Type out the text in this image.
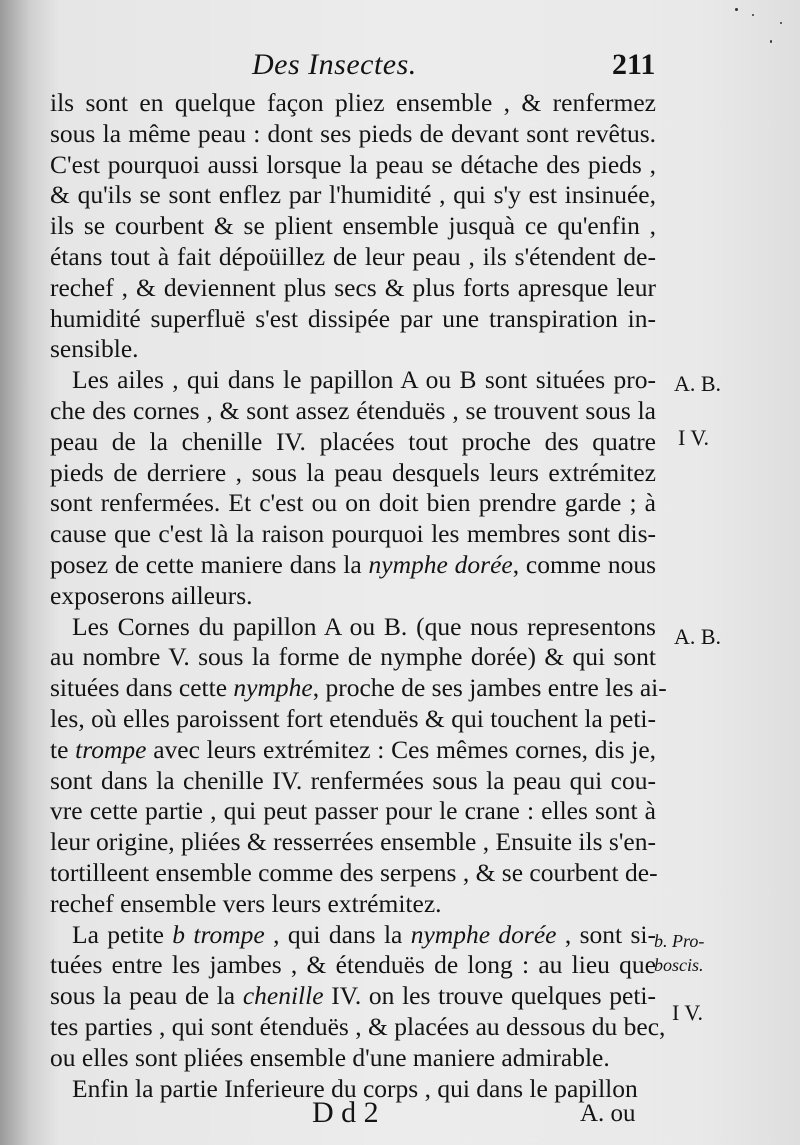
Des Insectes.	211
ils sont en quelque façon pliez ensemble , & renfermez
sous la même peau : dont ses pieds de devant sont revêtus.
C'est pourquoi aussi lorsque la peau se détache des pieds ,
& qu'ils se sont enflez par l'humidité , qui s'y est insinuée,
ils se courbent & se plient ensemble jusquà ce qu'enfin ,
étans tout à fait dépoüillez de leur peau , ils s'étendent de-
rechef , & deviennent plus secs & plus forts apresque leur
humidité superfluë s'est dissipée par une transpiration in-
sensible.
Les ailes , qui dans le papillon A ou B sont situées pro-
che des cornes , & sont assez étenduës , se trouvent sous la
peau de la chenille IV. placées tout proche des quatre
pieds de derriere , sous la peau desquels leurs extrémitez
sont renfermées. Et c'est ou on doit bien prendre garde ; à
cause que c'est là la raison pourquoi les membres sont dis-
posez de cette maniere dans la nymphe dorée, comme nous
exposerons ailleurs.
Les Cornes du papillon A ou B. (que nous representons
au nombre V. sous la forme de nymphe dorée) & qui sont
situées dans cette nymphe, proche de ses jambes entre les ai-
les, où elles paroissent fort etenduës & qui touchent la peti-
te trompe avec leurs extrémitez : Ces mêmes cornes, dis je,
sont dans la chenille IV. renfermées sous la peau qui cou-
vre cette partie , qui peut passer pour le crane : elles sont à
leur origine, pliées & resserrées ensemble , Ensuite ils s'en-
tortilleent ensemble comme des serpens , & se courbent de-
rechef ensemble vers leurs extrémitez.
La petite b trompe , qui dans la nymphe dorée , sont si-
tuées entre les jambes , & étenduës de long : au lieu que
sous la peau de la chenille IV. on les trouve quelques peti-
tes parties , qui sont étenduës , & placées au dessous du bec,
ou elles sont pliées ensemble d'une maniere admirable.
Enfin la partie Inferieure du corps , qui dans le papillon
A. B.
I V.
A. B.
b. Pro-
boscis.
I V.
D d 2	A. ou
